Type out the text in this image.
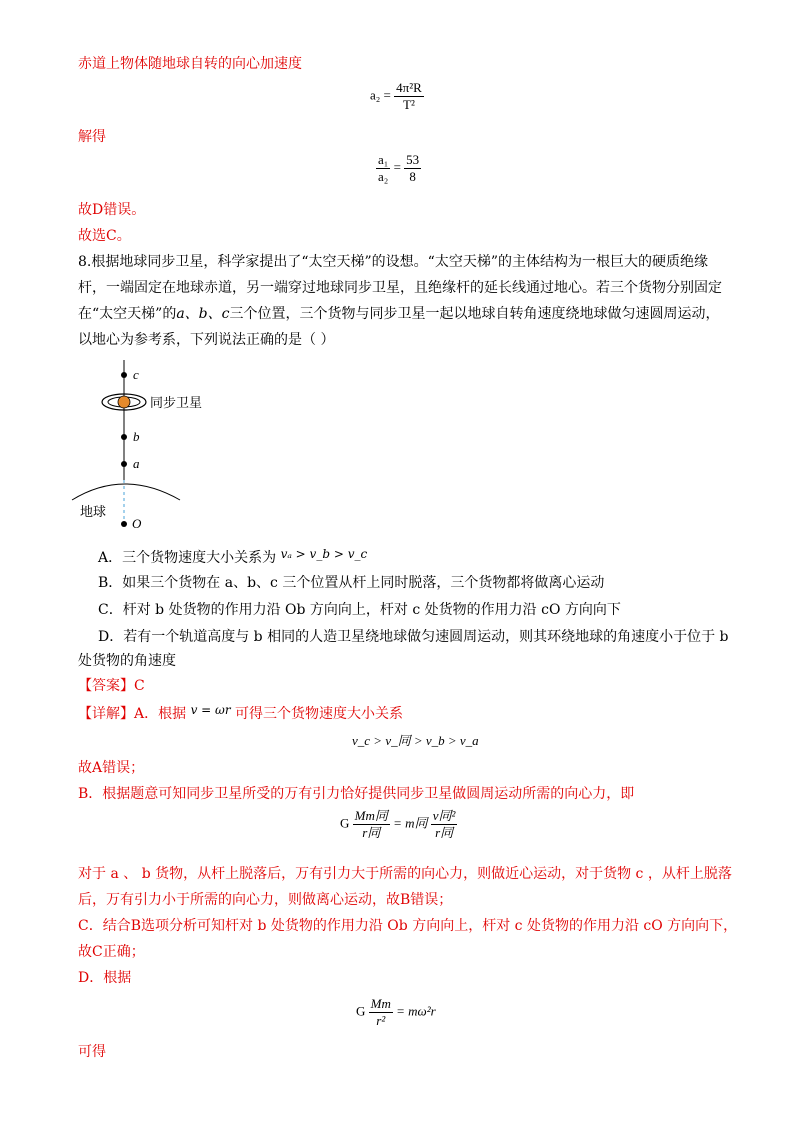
赤道上物体随地球自转的向心加速度
$a_2 = \frac{\text{4π²R}}{\text{T²}}$
解得
$\frac{\text{a₁}}{\text{a₂}} = \frac{53}{8}$
故D错误。
故选C。
8.根据地球同步卫星，科学家提出了“太空天梯”的设想。“太空天梯”的主体结构为一根巨大的硬质绝缘
杆，一端固定在地球赤道，另一端穿过地球同步卫星，且绝缘杆的延长线通过地心。若三个货物分别固定
在“太空天梯”的a、b、c三个位置，三个货物与同步卫星一起以地球自转角速度绕地球做匀速圆周运动，
以地心为参考系，下列说法正确的是（ ）
c
同步卫星
b
a
地球
O
A．三个货物速度大小关系为 vₐ > v_b > v_c
B．如果三个货物在 a、b、c 三个位置从杆上同时脱落，三个货物都将做离心运动
C．杆对 b 处货物的作用力沿 Ob 方向向上，杆对 c 处货物的作用力沿 cO 方向向下
D．若有一个轨道高度与 b 相同的人造卫星绕地球做匀速圆周运动，则其环绕地球的角速度小于位于 b
处货物的角速度
【答案】C
【详解】A．根据 v = ωr 可得三个货物速度大小关系
v_c > v_同 > v_b > v_a
故A错误；
B．根据题意可知同步卫星所受的万有引力恰好提供同步卫星做圆周运动所需的向心力，即
G $\frac{\text{Mm同}}{\text{r同}} = m$同 $\frac{\text{v同²}}{\text{r同}}$
对于 a 、 b 货物，从杆上脱落后，万有引力大于所需的向心力，则做近心运动，对于货物 c ，从杆上脱落
后，万有引力小于所需的向心力，则做离心运动，故B错误；
C．结合B选项分析可知杆对 b 处货物的作用力沿 Ob 方向向上，杆对 c 处货物的作用力沿 cO 方向向下，
故C正确；
D．根据
G $\frac{Mm}{\text{r²}} = m\omega^2r$
可得
